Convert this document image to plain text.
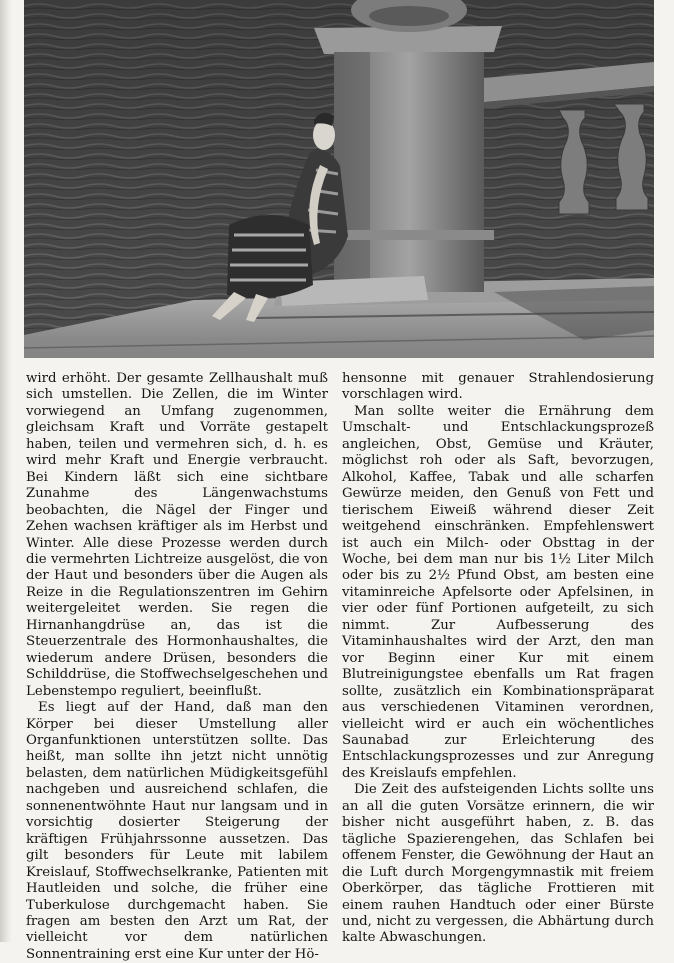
wird erhöht. Der gesamte Zellhaushalt muß sich umstellen. Die Zellen, die im Winter vorwiegend an Umfang zugenommen, gleichsam Kraft und Vorräte gestapelt haben, teilen und vermehren sich, d. h. es wird mehr Kraft und Energie verbraucht. Bei Kindern läßt sich eine sichtbare Zunahme des Längenwachstums beobachten, die Nägel der Finger und Zehen wachsen kräftiger als im Herbst und Winter. Alle diese Prozesse werden durch die vermehrten Lichtreize ausgelöst, die von der Haut und besonders über die Augen als Reize in die Regulationszentren im Gehirn weitergeleitet werden. Sie regen die Hirnanhangdrüse an, das ist die Steuerzentrale des Hormonhaushaltes, die wiederum andere Drüsen, besonders die Schilddrüse, die Stoffwechselgeschehen und Lebenstempo reguliert, beeinflußt.

Es liegt auf der Hand, daß man den Körper bei dieser Umstellung aller Organfunktionen unterstützen sollte. Das heißt, man sollte ihn jetzt nicht unnötig belasten, dem natürlichen Müdigkeitsgefühl nachgeben und ausreichend schlafen, die sonnenentwöhnte Haut nur langsam und in vorsichtig dosierter Steigerung der kräftigen Frühjahrssonne aussetzen. Das gilt besonders für Leute mit labilem Kreislauf, Stoffwechselkranke, Patienten mit Hautleiden und solche, die früher eine Tuberkulose durchgemacht haben. Sie fragen am besten den Arzt um Rat, der vielleicht vor dem natürlichen Sonnentraining erst eine Kur unter der Hö-

hensonne mit genauer Strahlendosierung vorschlagen wird.

Man sollte weiter die Ernährung dem Umschalt- und Entschlackungsprozeß angleichen, Obst, Gemüse und Kräuter, möglichst roh oder als Saft, bevorzugen, Alkohol, Kaffee, Tabak und alle scharfen Gewürze meiden, den Genuß von Fett und tierischem Eiweiß während dieser Zeit weitgehend einschränken. Empfehlenswert ist auch ein Milch- oder Obsttag in der Woche, bei dem man nur bis 1½ Liter Milch oder bis zu 2½ Pfund Obst, am besten eine vitaminreiche Apfelsorte oder Apfelsinen, in vier oder fünf Portionen aufgeteilt, zu sich nimmt. Zur Aufbesserung des Vitaminhaushaltes wird der Arzt, den man vor Beginn einer Kur mit einem Blutreinigungstee ebenfalls um Rat fragen sollte, zusätzlich ein Kombinationspräparat aus verschiedenen Vitaminen verordnen, vielleicht wird er auch ein wöchentliches Saunabad zur Erleichterung des Entschlackungsprozesses und zur Anregung des Kreislaufs empfehlen.

Die Zeit des aufsteigenden Lichts sollte uns an all die guten Vorsätze erinnern, die wir bisher nicht ausgeführt haben, z. B. das tägliche Spazierengehen, das Schlafen bei offenem Fenster, die Gewöhnung der Haut an die Luft durch Morgengymnastik mit freiem Oberkörper, das tägliche Frottieren mit einem rauhen Handtuch oder einer Bürste und, nicht zu vergessen, die Abhärtung durch kalte Abwaschungen.
